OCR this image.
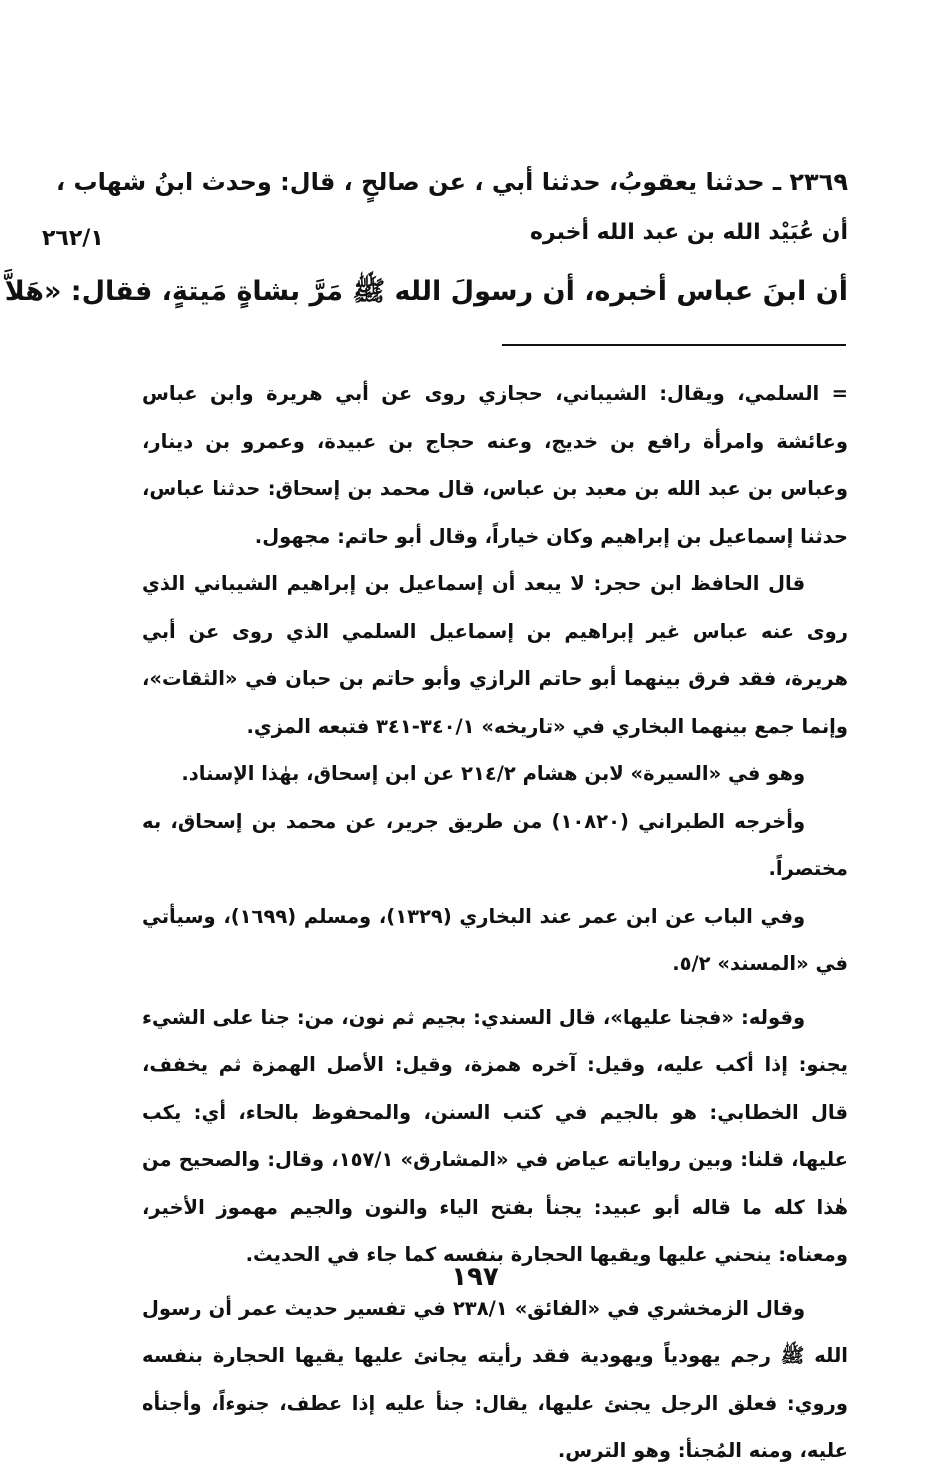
٢٦٢/١
٢٣٦٩ ـ حدثنا يعقوبُ، حدثنا أبي ، عن صالحٍ ، قال: وحدث ابنُ شهاب ،
أن عُبَيْد الله بن عبد الله أخبره
أن ابنَ عباس أخبره، أن رسولَ الله ﷺ مَرَّ بشاةٍ مَيتةٍ، فقال: «هَلاَّ

= السلمي، ويقال: الشيباني، حجازي روى عن أبي هريرة وابن عباس وعائشة وامرأة رافع بن خديج، وعنه حجاج بن عبيدة، وعمرو بن دينار، وعباس بن عبد الله بن معبد بن عباس، قال محمد بن إسحاق: حدثنا عباس، حدثنا إسماعيل بن إبراهيم وكان خياراً، وقال أبو حاتم: مجهول.

قال الحافظ ابن حجر: لا يبعد أن إسماعيل بن إبراهيم الشيباني الذي روى عنه عباس غير إبراهيم بن إسماعيل السلمي الذي روى عن أبي هريرة، فقد فرق بينهما أبو حاتم الرازي وأبو حاتم بن حبان في «الثقات»، وإنما جمع بينهما البخاري في «تاريخه» ٣٤٠/١-٣٤١ فتبعه المزي.

وهو في «السيرة» لابن هشام ٢١٤/٢ عن ابن إسحاق، بهٰذا الإسناد.

وأخرجه الطبراني (١٠٨٢٠) من طريق جرير، عن محمد بن إسحاق، به مختصراً.

وفي الباب عن ابن عمر عند البخاري (١٣٢٩)، ومسلم (١٦٩٩)، وسيأتي في «المسند» ٥/٢.

وقوله: «فجنا عليها»، قال السندي: بجيم ثم نون، من: جنا على الشيء يجنو: إذا أكب عليه، وقيل: آخره همزة، وقيل: الأصل الهمزة ثم يخفف، قال الخطابي: هو بالجيم في كتب السنن، والمحفوظ بالحاء، أي: يكب عليها، قلنا: وبين رواياته عياض في «المشارق» ١٥٧/١، وقال: والصحيح من هٰذا كله ما قاله أبو عبيد: يجنأ بفتح الياء والنون والجيم مهموز الأخير، ومعناه: ينحني عليها ويقيها الحجارة بنفسه كما جاء في الحديث.

وقال الزمخشري في «الفائق» ٢٣٨/١ في تفسير حديث عمر أن رسول الله ﷺ رجم يهودياً ويهودية فقد رأيته يجانئ عليها يقيها الحجارة بنفسه وروي: فعلق الرجل يجنئ عليها، يقال: جنأ عليه إذا عطف، جنوءاً، وأجنأه عليه، ومنه المُجنأ: وهو الترس.

١٩٧
